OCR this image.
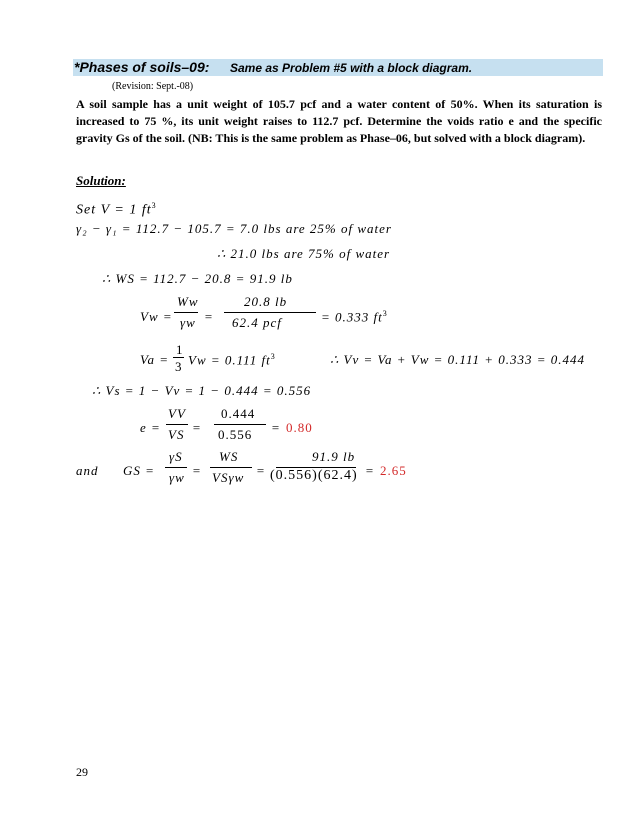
*Phases of soils–09: Same as Problem #5 with a block diagram.
(Revision: Sept.-08)
A soil sample has a unit weight of 105.7 pcf and a water content of 50%. When its saturation is increased to 75 %, its unit weight raises to 112.7 pcf. Determine the voids ratio e and the specific gravity Gs of the soil. (NB: This is the same problem as Phase–06, but solved with a block diagram).
Solution:
Set V = 1 $ft^3$
γ₂ − γ₁ = 112.7 − 105.7 = 7.0 lbs are 25% of water
∴ 21.0 lbs are 75% of water
∴ WS = 112.7 − 20.8 = 91.9 lb
Vw =
Ww
γw =
20.8 lb
62.4 pcf	= 0.333 $ft^3$
Va =
1
3 Vw = 0.111 $ft^3$	∴ Vv = Va + Vw = 0.111 + 0.333 = 0.444
∴ Vs = 1 − Vv = 1 − 0.444 = 0.556
e =
VV
VS =
0.444
0.556 = 0.80
and GS =
γS
γw =
WS
VSγw =
91.9 lb
(0.556)(62.4) = 2.65
29
